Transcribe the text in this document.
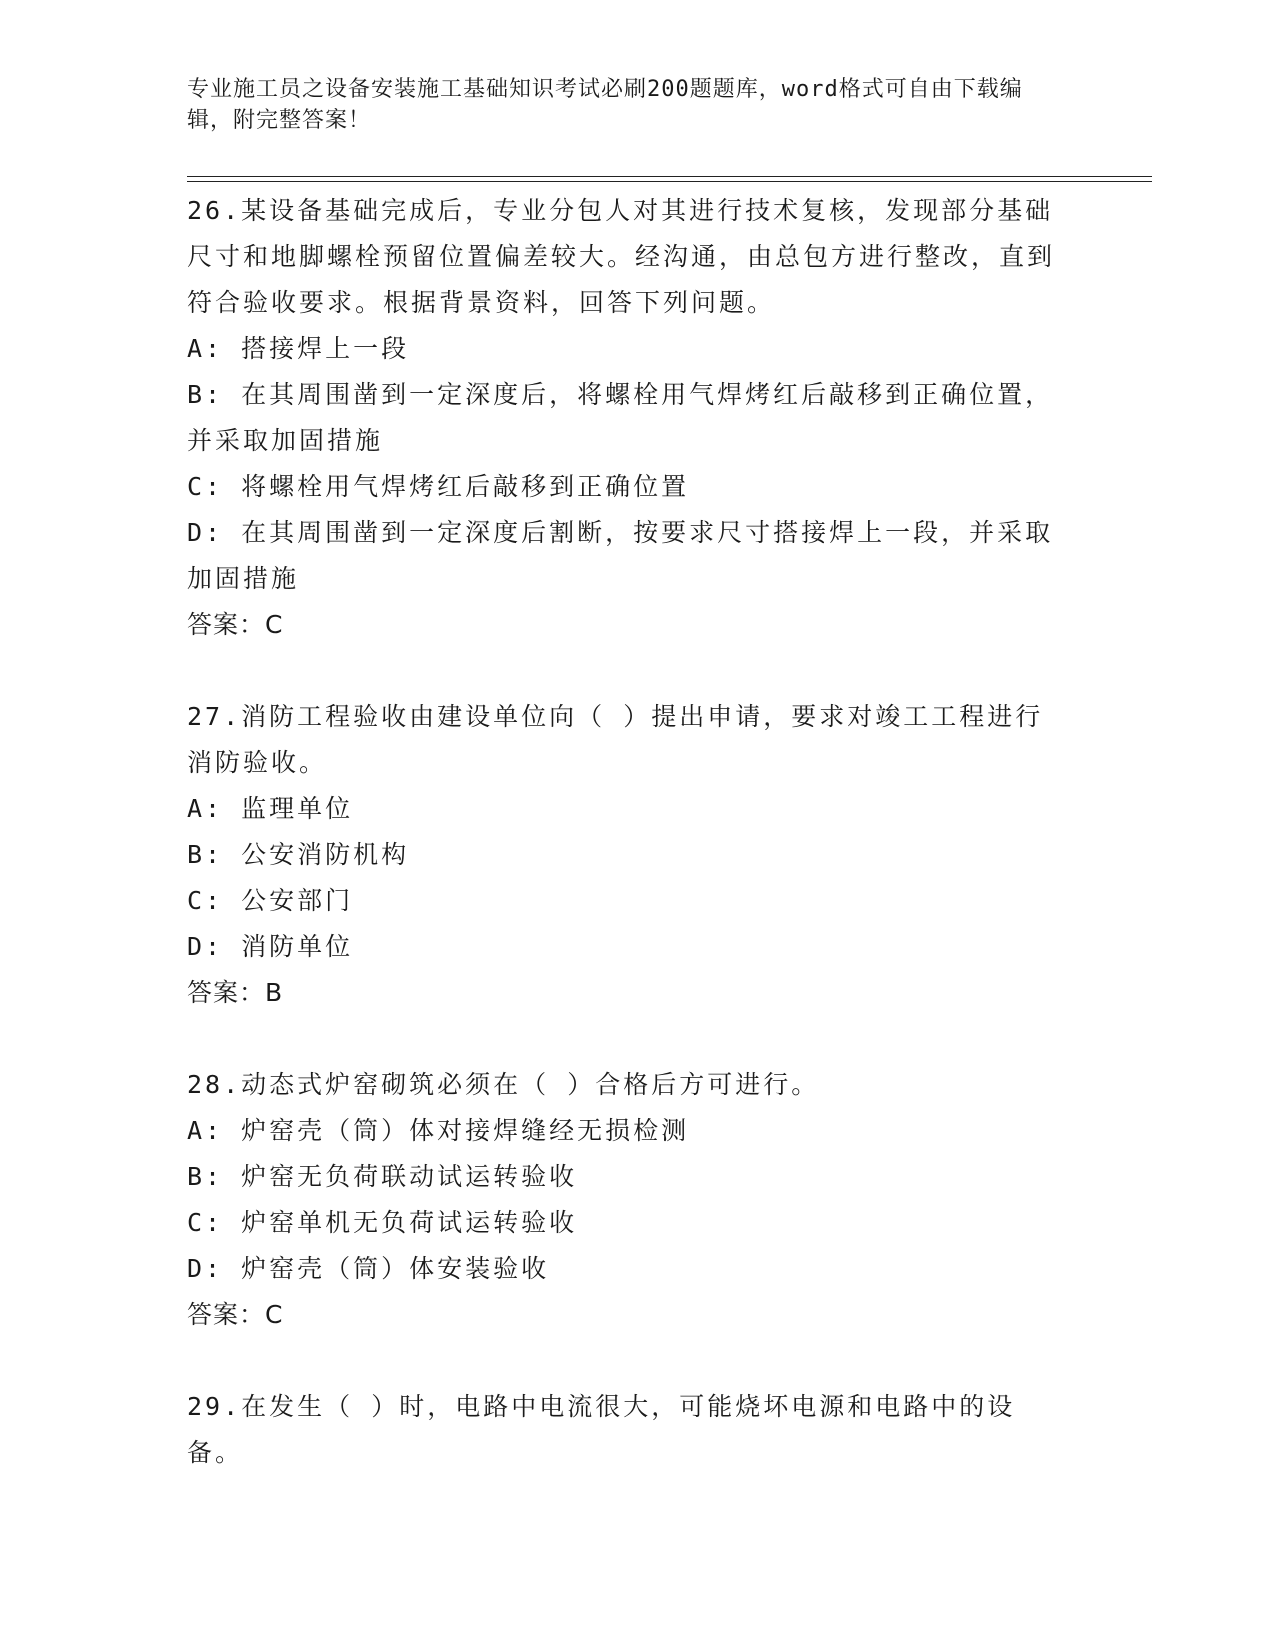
专业施工员之设备安装施工基础知识考试必刷200题题库，word格式可自由下载编辑，附完整答案！
26.某设备基础完成后，专业分包人对其进行技术复核，发现部分基础尺寸和地脚螺栓预留位置偏差较大。经沟通，由总包方进行整改，直到符合验收要求。根据背景资料，回答下列问题。
A: 搭接焊上一段
B: 在其周围凿到一定深度后，将螺栓用气焊烤红后敲移到正确位置，并采取加固措施
C: 将螺栓用气焊烤红后敲移到正确位置
D: 在其周围凿到一定深度后割断，按要求尺寸搭接焊上一段，并采取加固措施
答案：C
27.消防工程验收由建设单位向（ ）提出申请，要求对竣工工程进行消防验收。
A: 监理单位
B: 公安消防机构
C: 公安部门
D: 消防单位
答案：B
28.动态式炉窑砌筑必须在（ ）合格后方可进行。
A: 炉窑壳（筒）体对接焊缝经无损检测
B: 炉窑无负荷联动试运转验收
C: 炉窑单机无负荷试运转验收
D: 炉窑壳（筒）体安装验收
答案：C
29.在发生（ ）时，电路中电流很大，可能烧坏电源和电路中的设备。
